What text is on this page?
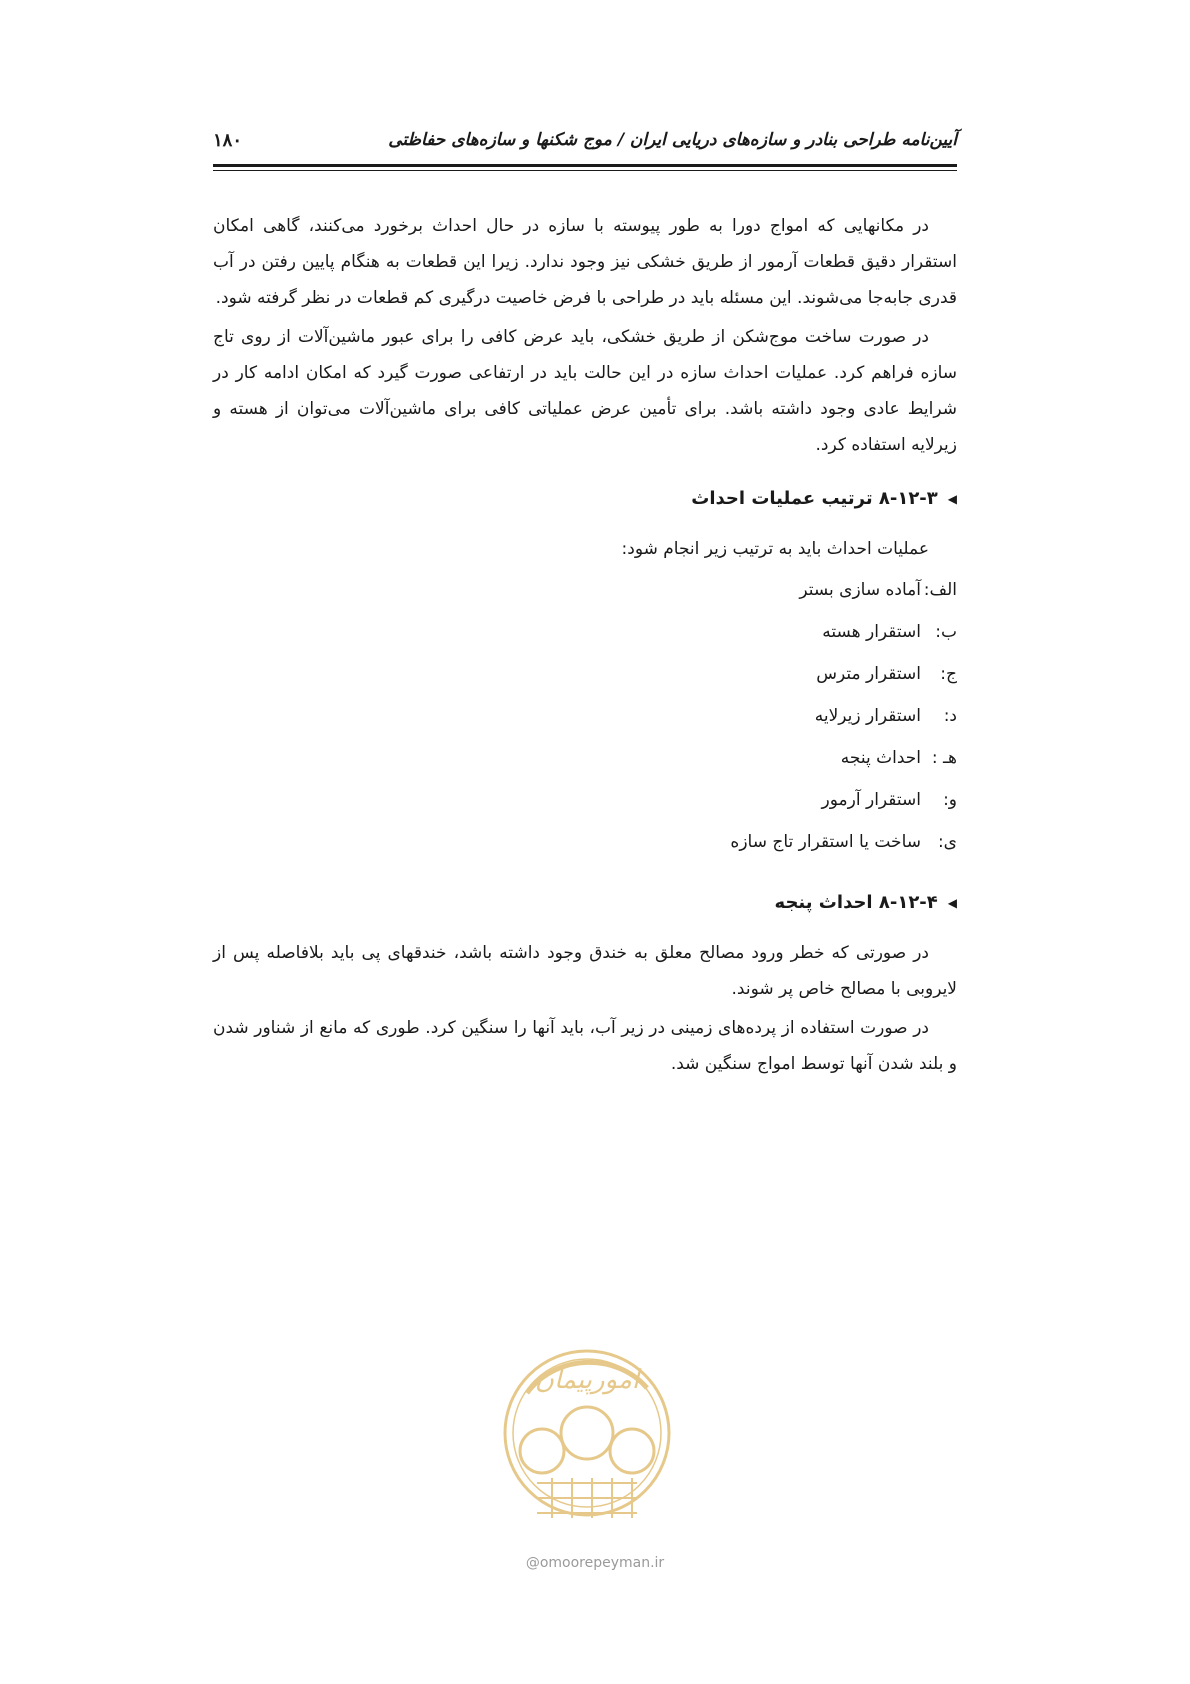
آیین‌نامه طراحی بنادر و سازه‌های دریایی ایران / موج شکنها و سازه‌های حفاظتی
۱۸۰

در مکانهایی که امواج دورا به طور پیوسته با سازه در حال احداث برخورد می‌کنند، گاهی امکان استقرار دقیق قطعات آرمور از طریق خشکی نیز وجود ندارد. زیرا این قطعات به هنگام پایین رفتن در آب قدری جابه‌جا می‌شوند. این مسئله باید در طراحی با فرض خاصیت درگیری کم قطعات در نظر گرفته شود.

در صورت ساخت موج‌شکن از طریق خشکی، باید عرض کافی را برای عبور ماشین‌آلات از روی تاج سازه فراهم کرد. عملیات احداث سازه در این حالت باید در ارتفاعی صورت گیرد که امکان ادامه کار در شرایط عادی وجود داشته باشد. برای تأمین عرض عملیاتی کافی برای ماشین‌آلات می‌توان از هسته و زیرلایه استفاده کرد.

◀
۸-۱۲-۳ ترتیب عملیات احداث

عملیات احداث باید به ترتیب زیر انجام شود:

الف:
آماده سازی بستر
ب:
استقرار هسته
ج:
استقرار مترس
د:
استقرار زیرلایه
هـ :
احداث پنجه
و:
استقرار آرمور
ی:
ساخت یا استقرار تاج سازه
◀
۸-۱۲-۴ احداث پنجه

در صورتی که خطر ورود مصالح معلق به خندق وجود داشته باشد، خندقهای پی باید بلافاصله پس از لایروبی با مصالح خاص پر شوند.

در صورت استفاده از پرده‌های زمینی در زیر آب، باید آنها را سنگین کرد. طوری که مانع از شناور شدن و بلند شدن آنها توسط امواج سنگین شد.

امورپیمان
@omoorepeyman.ir
